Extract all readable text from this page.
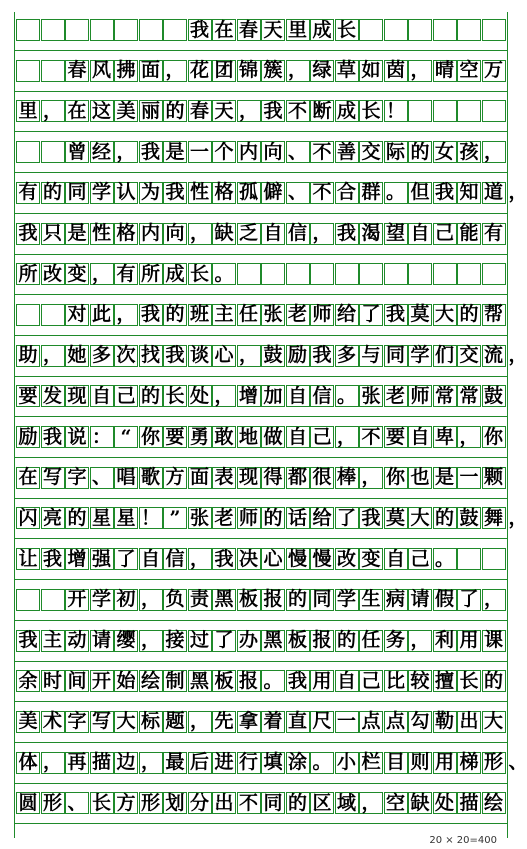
我 在 春 天 里 成 长
春 风 拂 面 ， 花 团 锦 簇 ， 绿 草 如 茵 ， 晴 空 万
里 ， 在 这 美 丽 的 春 天 ， 我 不 断 成 长 ！
曾 经 ， 我 是 一 个 内 向 、 不 善 交 际 的 女 孩 ，
有 的 同 学 认 为 我 性 格 孤 僻 、 不 合 群 。 但 我 知 道 ，
我 只 是 性 格 内 向 ， 缺 乏 自 信 ， 我 渴 望 自 己 能 有
所 改 变 ， 有 所 成 长 。
对 此 ， 我 的 班 主 任 张 老 师 给 了 我 莫 大 的 帮
助 ， 她 多 次 找 我 谈 心 ， 鼓 励 我 多 与 同 学 们 交 流 ，
要 发 现 自 己 的 长 处 ， 增 加 自 信 。 张 老 师 常 常 鼓
励 我 说 ： “ 你 要 勇 敢 地 做 自 己 ， 不 要 自 卑 ， 你
在 写 字 、 唱 歌 方 面 表 现 得 都 很 棒 ， 你 也 是 一 颗
闪 亮 的 星 星 ！ ” 张 老 师 的 话 给 了 我 莫 大 的 鼓 舞 ，
让 我 增 强 了 自 信 ， 我 决 心 慢 慢 改 变 自 己 。
开 学 初 ， 负 责 黑 板 报 的 同 学 生 病 请 假 了 ，
我 主 动 请 缨 ， 接 过 了 办 黑 板 报 的 任 务 ， 利 用 课
余 时 间 开 始 绘 制 黑 板 报 。 我 用 自 己 比 较 擅 长 的
美 术 字 写 大 标 题 ， 先 拿 着 直 尺 一 点 点 勾 勒 出 大
体 ， 再 描 边 ， 最 后 进 行 填 涂 。 小 栏 目 则 用 梯 形 、
圆 形 、 长 方 形 划 分 出 不 同 的 区 域 ， 空 缺 处 描 绘
20 × 20=400
